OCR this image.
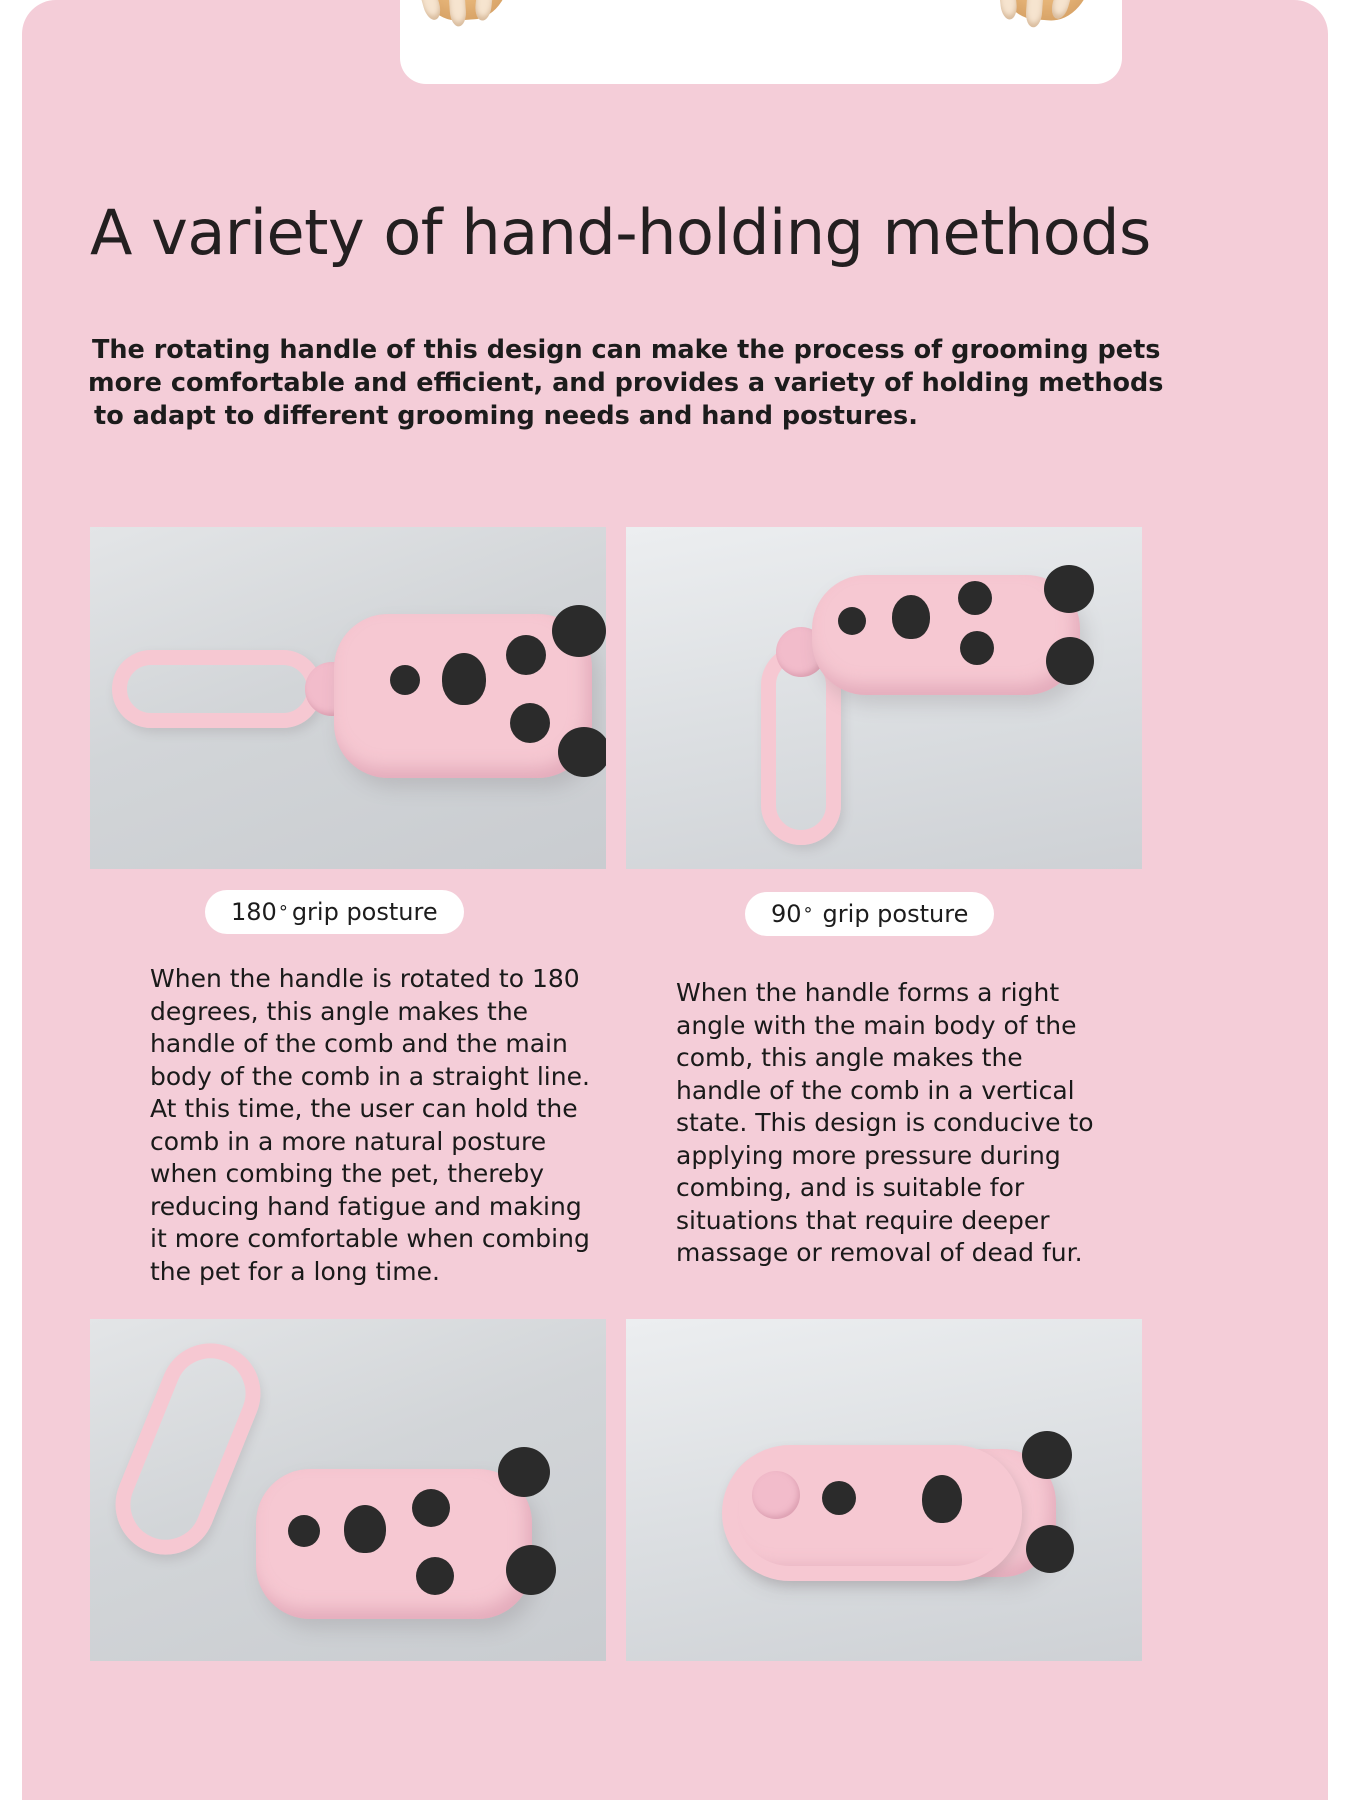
A variety of hand-holding methods
The rotating handle of this design can make the process of grooming pets
more comfortable and efficient, and provides a variety of holding methods
to adapt to different grooming needs and hand postures.
180 ° grip posture	90 ° grip posture
When the handle is rotated to 180 degrees, this angle makes the handle of the comb and the main body of the comb in a straight line. At this time, the user can hold the comb in a more natural posture when combing the pet, thereby reducing hand fatigue and making it more comfortable when combing the pet for a long time.
When the handle forms a right angle with the main body of the comb, this angle makes the handle of the comb in a vertical state. This design is conducive to applying more pressure during combing, and is suitable for situations that require deeper massage or removal of dead fur.
